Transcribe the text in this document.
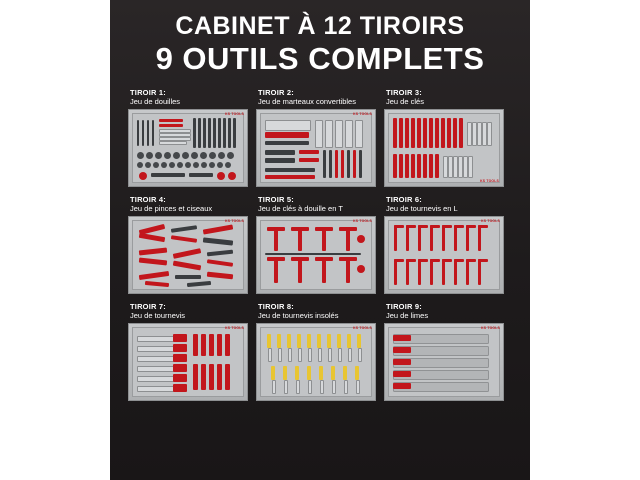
CABINET À 12 TIROIRS
9 OUTILS COMPLETS
TIROIR 1:
Jeu de douilles
KS TOOLS
TIROIR 2:
Jeu de marteaux convertibles
KS TOOLS
TIROIR 3:
Jeu de clés
KS TOOLS
TIROIR 4:
Jeu de pinces et ciseaux
KS TOOLS
TIROIR 5:
Jeu de clés à douille en T
KS TOOLS
TIROIR 6:
Jeu de tournevis en L
KS TOOLS
TIROIR 7:
Jeu de tournevis
KS TOOLS
TIROIR 8:
Jeu de tournevis insolés
KS TOOLS
TIROIR 9:
Jeu de limes
KS TOOLS
